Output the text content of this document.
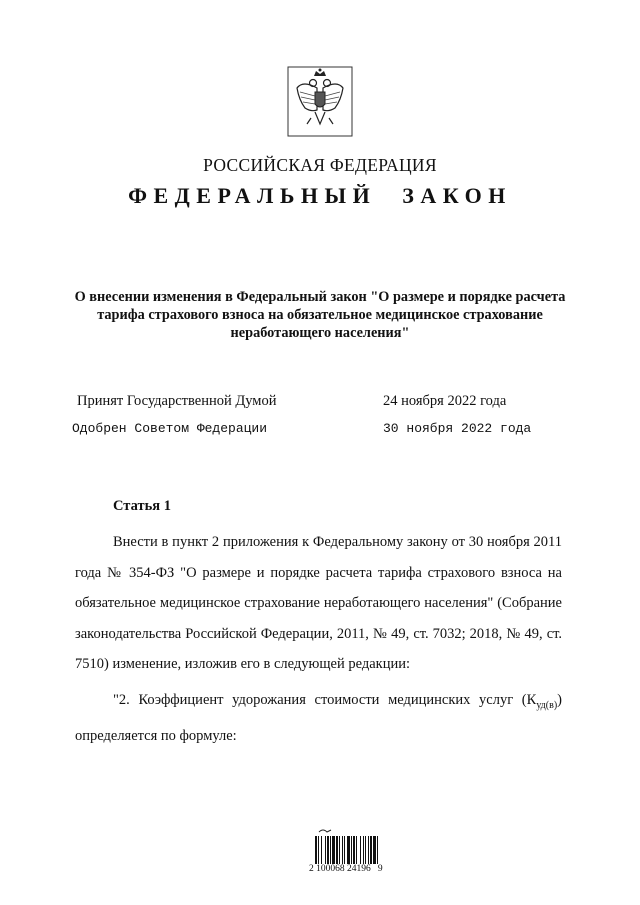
РОССИЙСКАЯ ФЕДЕРАЦИЯ
ФЕДЕРАЛЬНЫЙ ЗАКОН
О внесении изменения в Федеральный закон "О размере и порядке расчета тарифа страхового взноса на обязательное медицинское страхование неработающего населения"
Принят Государственной Думой	24 ноября 2022 года
Одобрен Советом Федерации	30 ноября 2022 года
Статья 1

Внести в пункт 2 приложения к Федеральному закону от 30 ноября 2011 года № 354-ФЗ "О размере и порядке расчета тарифа страхового взноса на обязательное медицинское страхование неработающего населения" (Собрание законодательства Российской Федерации, 2011, № 49, ст. 7032; 2018, № 49, ст. 7510) изменение, изложив его в следующей редакции:

"2. Коэффициент удорожания стоимости медицинских услуг $(К_{уд(в)})$ определяется по формуле:

2 100068 24196   9
